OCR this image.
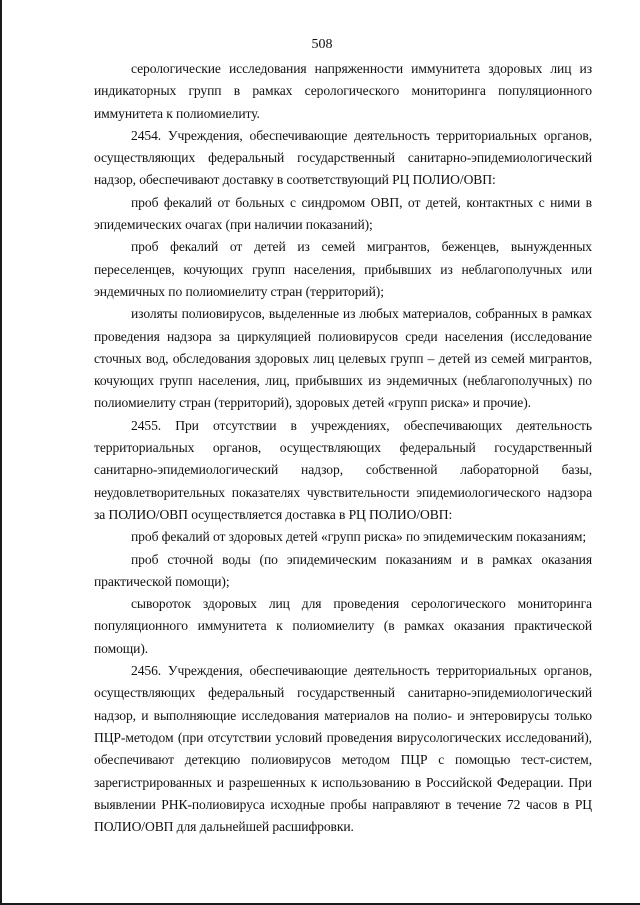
508

серологические исследования напряженности иммунитета здоровых лиц из индикаторных групп в рамках серологического мониторинга популяционного иммунитета к полиомиелиту.

2454. Учреждения, обеспечивающие деятельность территориальных органов, осуществляющих федеральный государственный санитарно-эпидемиологический надзор, обеспечивают доставку в соответствующий РЦ ПОЛИО/ОВП:

проб фекалий от больных с синдромом ОВП, от детей, контактных с ними в эпидемических очагах (при наличии показаний);

проб фекалий от детей из семей мигрантов, беженцев, вынужденных переселенцев, кочующих групп населения, прибывших из неблагополучных или эндемичных по полиомиелиту стран (территорий);

изоляты полиовирусов, выделенные из любых материалов, собранных в рамках проведения надзора за циркуляцией полиовирусов среди населения (исследование сточных вод, обследования здоровых лиц целевых групп – детей из семей мигрантов, кочующих групп населения, лиц, прибывших из эндемичных (неблагополучных) по полиомиелиту стран (территорий), здоровых детей «групп риска» и прочие).

2455. При отсутствии в учреждениях, обеспечивающих деятельность территориальных органов, осуществляющих федеральный государственный санитарно-эпидемиологический надзор, собственной лабораторной базы, неудовлетворительных показателях чувствительности эпидемиологического надзора за ПОЛИО/ОВП осуществляется доставка в РЦ ПОЛИО/ОВП:

проб фекалий от здоровых детей «групп риска» по эпидемическим показаниям;

проб сточной воды (по эпидемическим показаниям и в рамках оказания практической помощи);

сывороток здоровых лиц для проведения серологического мониторинга популяционного иммунитета к полиомиелиту (в рамках оказания практической помощи).

2456. Учреждения, обеспечивающие деятельность территориальных органов, осуществляющих федеральный государственный санитарно-эпидемиологический надзор, и выполняющие исследования материалов на полио- и энтеровирусы только ПЦР-методом (при отсутствии условий проведения вирусологических исследований), обеспечивают детекцию полиовирусов методом ПЦР с помощью тест-систем, зарегистрированных и разрешенных к использованию в Российской Федерации. При выявлении РНК-полиовируса исходные пробы направляют в течение 72 часов в РЦ ПОЛИО/ОВП для дальнейшей расшифровки.
